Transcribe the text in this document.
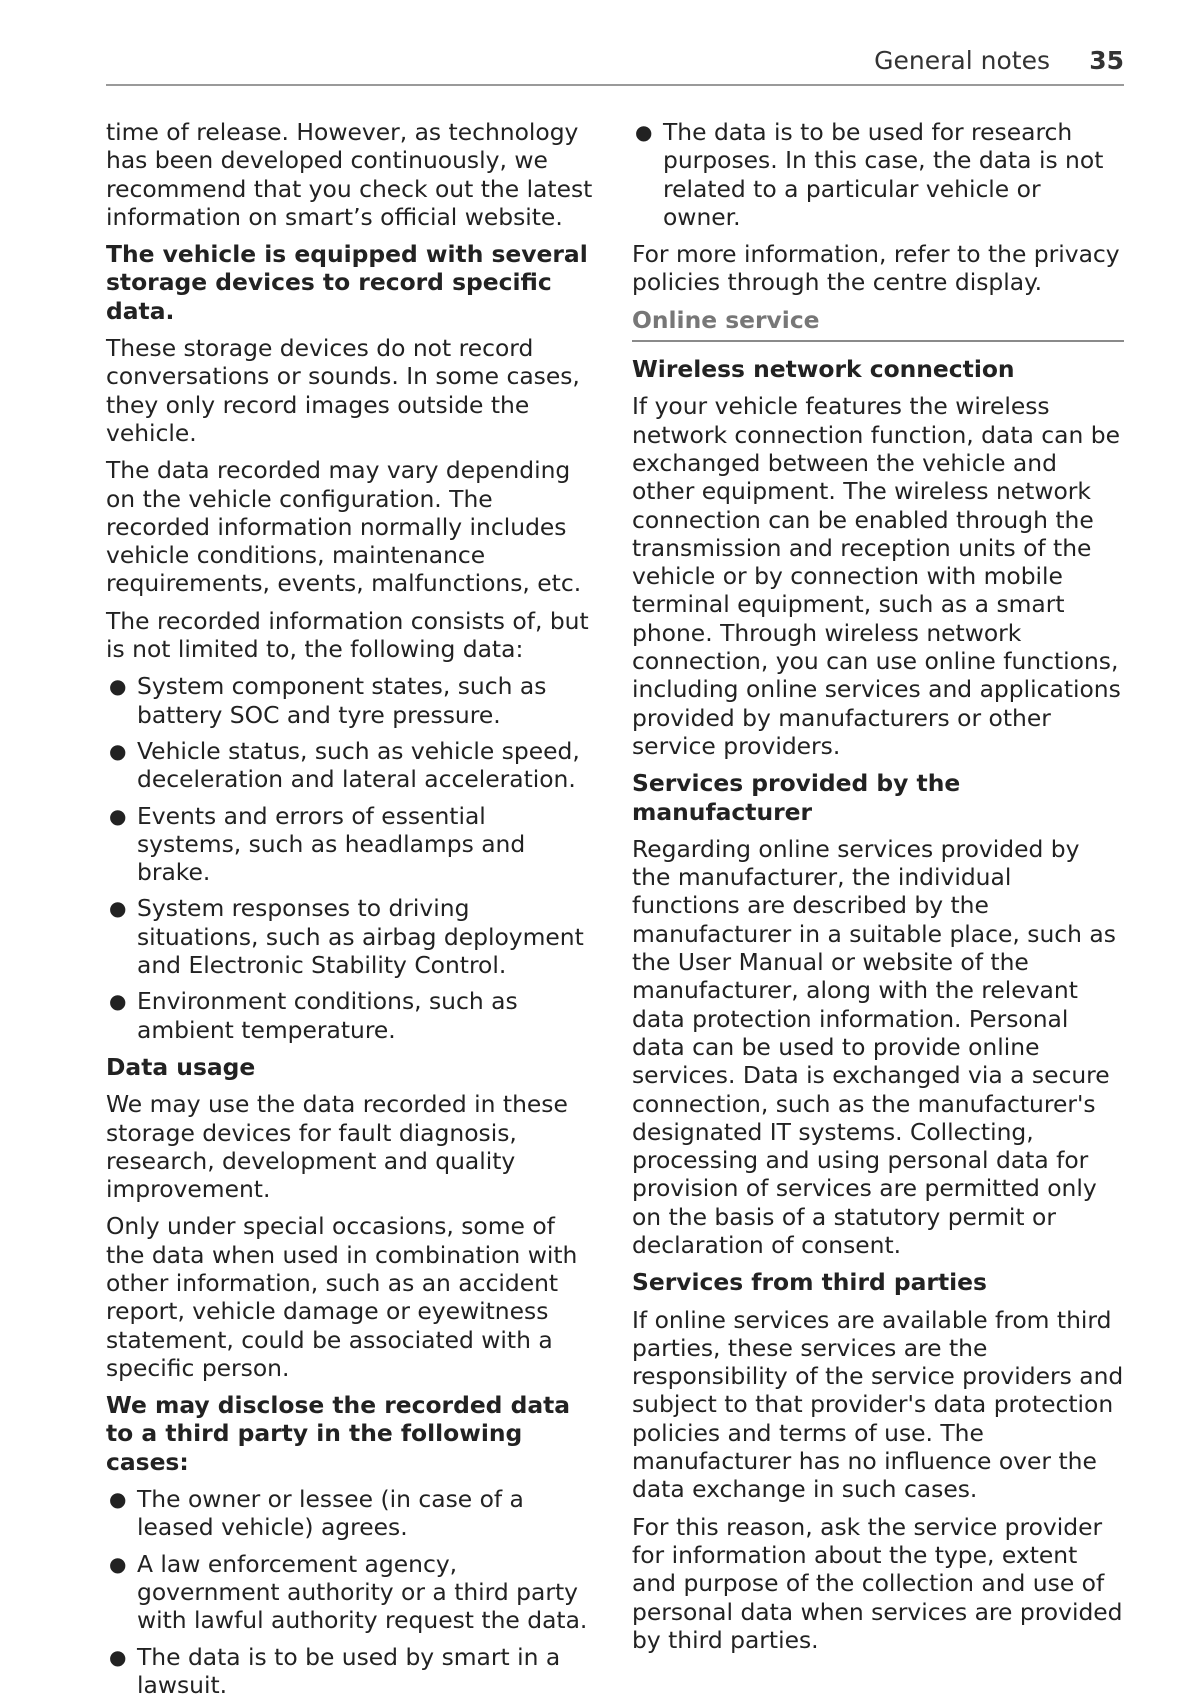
General notes 35

time of release. However, as technology has been developed continuously, we recommend that you check out the latest information on smart’s official website.

The vehicle is equipped with several storage devices to record specific data.

These storage devices do not record conversations or sounds. In some cases, they only record images outside the vehicle.

The data recorded may vary depending on the vehicle configuration. The recorded information normally includes vehicle conditions, maintenance requirements, events, malfunctions, etc.

The recorded information consists of, but is not limited to, the following data:

● System component states, such as battery SOC and tyre pressure.
● Vehicle status, such as vehicle speed, deceleration and lateral acceleration.
● Events and errors of essential systems, such as headlamps and brake.
● System responses to driving situations, such as airbag deployment and Electronic Stability Control.
● Environment conditions, such as ambient temperature.
Data usage

We may use the data recorded in these storage devices for fault diagnosis, research, development and quality improvement.

Only under special occasions, some of the data when used in combination with other information, such as an accident report, vehicle damage or eyewitness statement, could be associated with a specific person.

We may disclose the recorded data to a third party in the following cases:

● The owner or lessee (in case of a leased vehicle) agrees.
● A law enforcement agency, government authority or a third party with lawful authority request the data.
● The data is to be used by smart in a lawsuit.
● The data is to be used for research purposes. In this case, the data is not related to a particular vehicle or owner.

For more information, refer to the privacy policies through the centre display.

Online service
Wireless network connection

If your vehicle features the wireless network connection function, data can be exchanged between the vehicle and other equipment. The wireless network connection can be enabled through the transmission and reception units of the vehicle or by connection with mobile terminal equipment, such as a smart phone. Through wireless network connection, you can use online functions, including online services and applications provided by manufacturers or other service providers.

Services provided by the manufacturer

Regarding online services provided by the manufacturer, the individual functions are described by the manufacturer in a suitable place, such as the User Manual or website of the manufacturer, along with the relevant data protection information. Personal data can be used to provide online services. Data is exchanged via a secure connection, such as the manufacturer's designated IT systems. Collecting, processing and using personal data for provision of services are permitted only on the basis of a statutory permit or declaration of consent.

Services from third parties

If online services are available from third parties, these services are the responsibility of the service providers and subject to that provider's data protection policies and terms of use. The manufacturer has no influence over the data exchange in such cases.

For this reason, ask the service provider for information about the type, extent and purpose of the collection and use of personal data when services are provided by third parties.
